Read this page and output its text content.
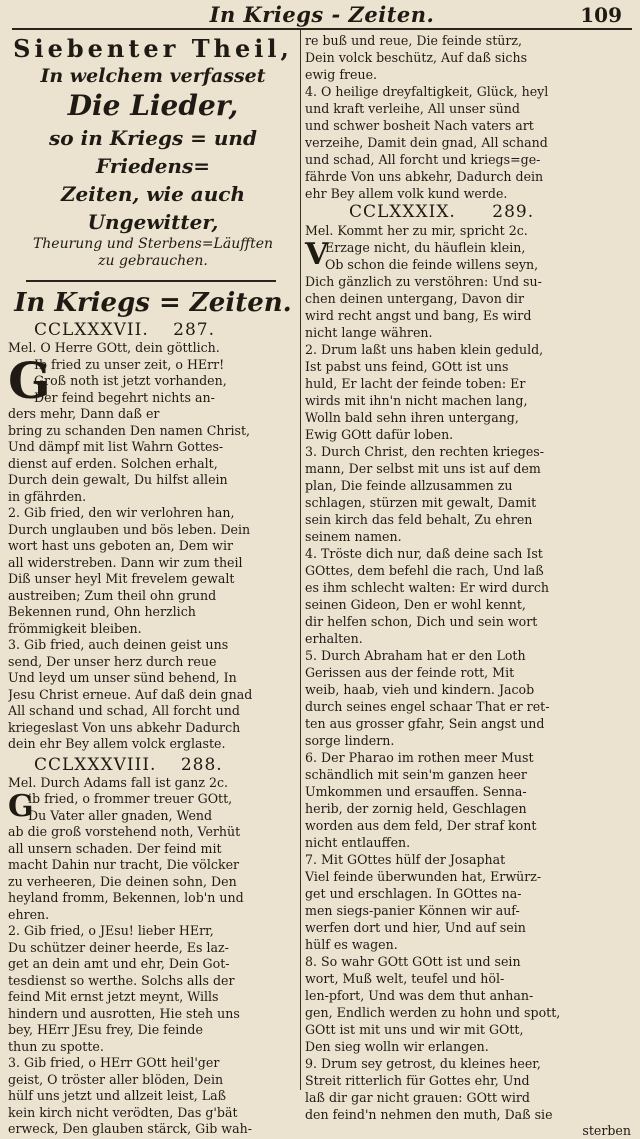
In Kriegs - Zeiten.	109
Siebenter Theil,
In welchem verfasset
Die Lieder,
so in Kriegs = und Friedens=
Zeiten, wie auch Ungewitter,
Theurung und Sterbens=Läufften
zu gebrauchen.
In Kriegs = Zeiten.
CCLXXXVII. 287.
Mel. O Herre GOtt, dein göttlich.
G
Ib fried zu unser zeit, o HErr!
Groß noth ist jetzt vorhanden,
Der feind begehrt nichts an-
ders mehr, Dann daß er
bring zu schanden Den namen Christ,
Und dämpf mit list Wahrn Gottes-
dienst auf erden. Solchen erhalt,
Durch dein gewalt, Du hilfst allein
in gfährden.
2. Gib fried, den wir verlohren han,
Durch unglauben und bös leben. Dein
wort hast uns geboten an, Dem wir
all widerstreben. Dann wir zum theil
Diß unser heyl Mit frevelem gewalt
austreiben; Zum theil ohn grund
Bekennen rund, Ohn herzlich
frömmigkeit bleiben.
3. Gib fried, auch deinen geist uns
send, Der unser herz durch reue
Und leyd um unser sünd behend, In
Jesu Christ erneue. Auf daß dein gnad
All schand und schad, All forcht und
kriegeslast Von uns abkehr Dadurch
dein ehr Bey allem volck erglaste.
CCLXXXVIII. 288.
Mel. Durch Adams fall ist ganz 2c.
G
ib fried, o frommer treuer GOtt,
Du Vater aller gnaden, Wend
ab die groß vorstehend noth, Verhüt
all unsern schaden. Der feind mit
macht Dahin nur tracht, Die völcker
zu verheeren, Die deinen sohn, Den
heyland fromm, Bekennen, lob'n und
ehren.
2. Gib fried, o JEsu! lieber HErr,
Du schützer deiner heerde, Es laz-
get an dein amt und ehr, Dein Got-
tesdienst so werthe. Solchs alls der
feind Mit ernst jetzt meynt, Wills
hindern und ausrotten, Hie steh uns
bey, HErr JEsu frey, Die feinde
thun zu spotte.
3. Gib fried, o HErr GOtt heil'ger
geist, O tröster aller blöden, Dein
hülf uns jetzt und allzeit leist, Laß
kein kirch nicht verödten, Das g'bät
erweck, Den glauben stärck, Gib wah-
re buß und reue, Die feinde stürz,
Dein volck beschütz, Auf daß sichs
ewig freue.
4. O heilige dreyfaltigkeit, Glück, heyl
und kraft verleihe, All unser sünd
und schwer bosheit Nach vaters art
verzeihe, Damit dein gnad, All schand
und schad, All forcht und kriegs=ge-
fährde Von uns abkehr, Dadurch dein
ehr Bey allem volk kund werde.
CCLXXXIX. 289.
Mel. Kommt her zu mir, spricht 2c.
V
Erzage nicht, du häuflein klein,
Ob schon die feinde willens seyn,
Dich gänzlich zu verstöhren: Und su-
chen deinen untergang, Davon dir
wird recht angst und bang, Es wird
nicht lange währen.
2. Drum laßt uns haben klein geduld,
Ist pabst uns feind, GOtt ist uns
huld, Er lacht der feinde toben: Er
wirds mit ihn'n nicht machen lang,
Wolln bald sehn ihren untergang,
Ewig GOtt dafür loben.
3. Durch Christ, den rechten krieges-
mann, Der selbst mit uns ist auf dem
plan, Die feinde allzusammen zu
schlagen, stürzen mit gewalt, Damit
sein kirch das feld behalt, Zu ehren
seinem namen.
4. Tröste dich nur, daß deine sach Ist
GOttes, dem befehl die rach, Und laß
es ihm schlecht walten: Er wird durch
seinen Gideon, Den er wohl kennt,
dir helfen schon, Dich und sein wort
erhalten.
5. Durch Abraham hat er den Loth
Gerissen aus der feinde rott, Mit
weib, haab, vieh und kindern. Jacob
durch seines engel schaar That er ret-
ten aus grosser gfahr, Sein angst und
sorge lindern.
6. Der Pharao im rothen meer Must
schändlich mit sein'm ganzen heer
Umkommen und ersauffen. Senna-
herib, der zornig held, Geschlagen
worden aus dem feld, Der straf kont
nicht entlauffen.
7. Mit GOttes hülf der Josaphat
Viel feinde überwunden hat, Erwürz-
get und erschlagen. In GOttes na-
men siegs-panier Können wir auf-
werfen dort und hier, Und auf sein
hülf es wagen.
8. So wahr GOtt GOtt ist und sein
wort, Muß welt, teufel und höl-
len-pfort, Und was dem thut anhan-
gen, Endlich werden zu hohn und spott,
GOtt ist mit uns und wir mit GOtt,
Den sieg wolln wir erlangen.
9. Drum sey getrost, du kleines heer,
Streit ritterlich für Gottes ehr, Und
laß dir gar nicht grauen: GOtt wird
den feind'n nehmen den muth, Daß sie
sterben
